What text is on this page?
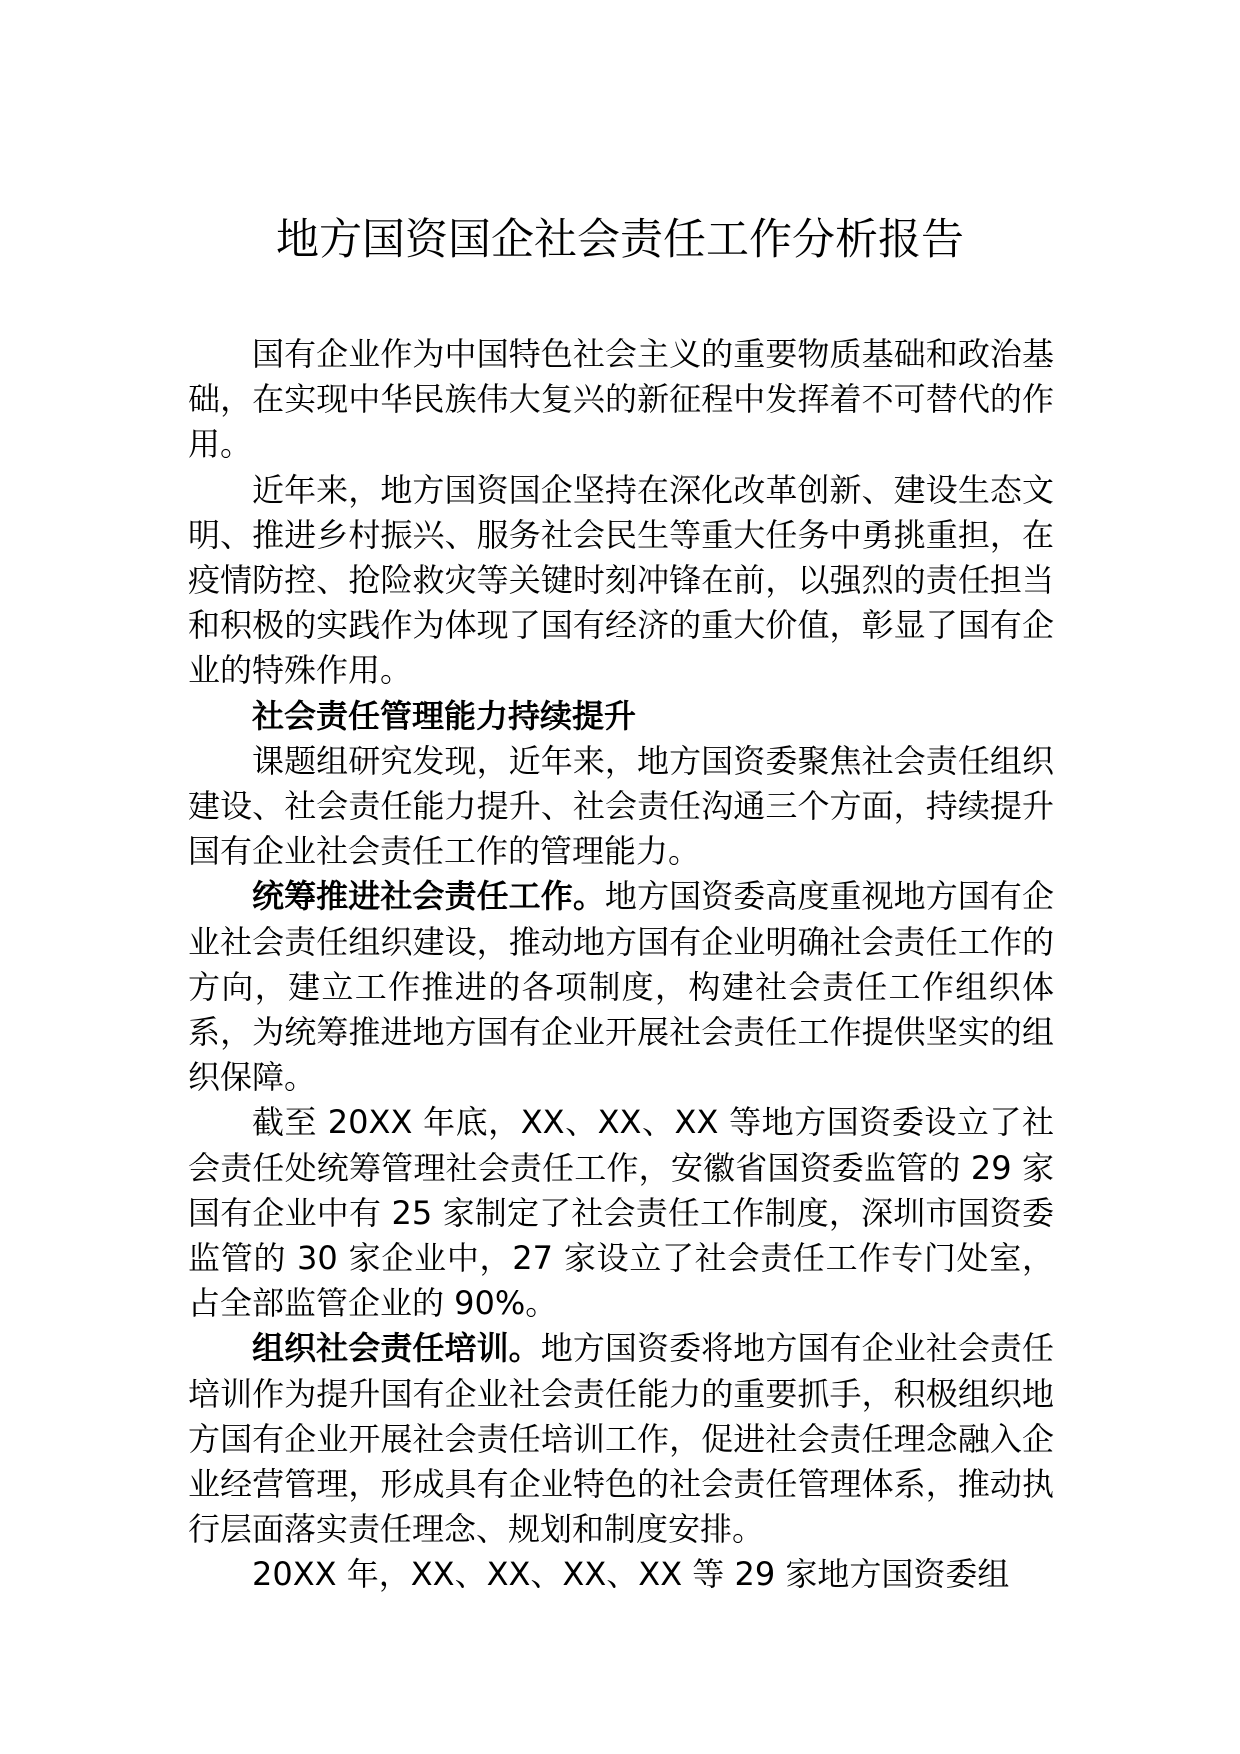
地方国资国企社会责任工作分析报告

国有企业作为中国特色社会主义的重要物质基础和政治基础，在实现中华民族伟大复兴的新征程中发挥着不可替代的作用。

近年来，地方国资国企坚持在深化改革创新、建设生态文明、推进乡村振兴、服务社会民生等重大任务中勇挑重担，在疫情防控、抢险救灾等关键时刻冲锋在前，以强烈的责任担当和积极的实践作为体现了国有经济的重大价值，彰显了国有企业的特殊作用。

社会责任管理能力持续提升

课题组研究发现，近年来，地方国资委聚焦社会责任组织建设、社会责任能力提升、社会责任沟通三个方面，持续提升国有企业社会责任工作的管理能力。

统筹推进社会责任工作。地方国资委高度重视地方国有企业社会责任组织建设，推动地方国有企业明确社会责任工作的方向，建立工作推进的各项制度，构建社会责任工作组织体系，为统筹推进地方国有企业开展社会责任工作提供坚实的组织保障。

截至 20XX 年底，XX、XX、XX 等地方国资委设立了社会责任处统筹管理社会责任工作，安徽省国资委监管的 29 家国有企业中有 25 家制定了社会责任工作制度，深圳市国资委监管的 30 家企业中，27 家设立了社会责任工作专门处室，占全部监管企业的 90%。

组织社会责任培训。地方国资委将地方国有企业社会责任培训作为提升国有企业社会责任能力的重要抓手，积极组织地方国有企业开展社会责任培训工作，促进社会责任理念融入企业经营管理，形成具有企业特色的社会责任管理体系，推动执行层面落实责任理念、规划和制度安排。

20XX 年，XX、XX、XX、XX 等 29 家地方国资委组
